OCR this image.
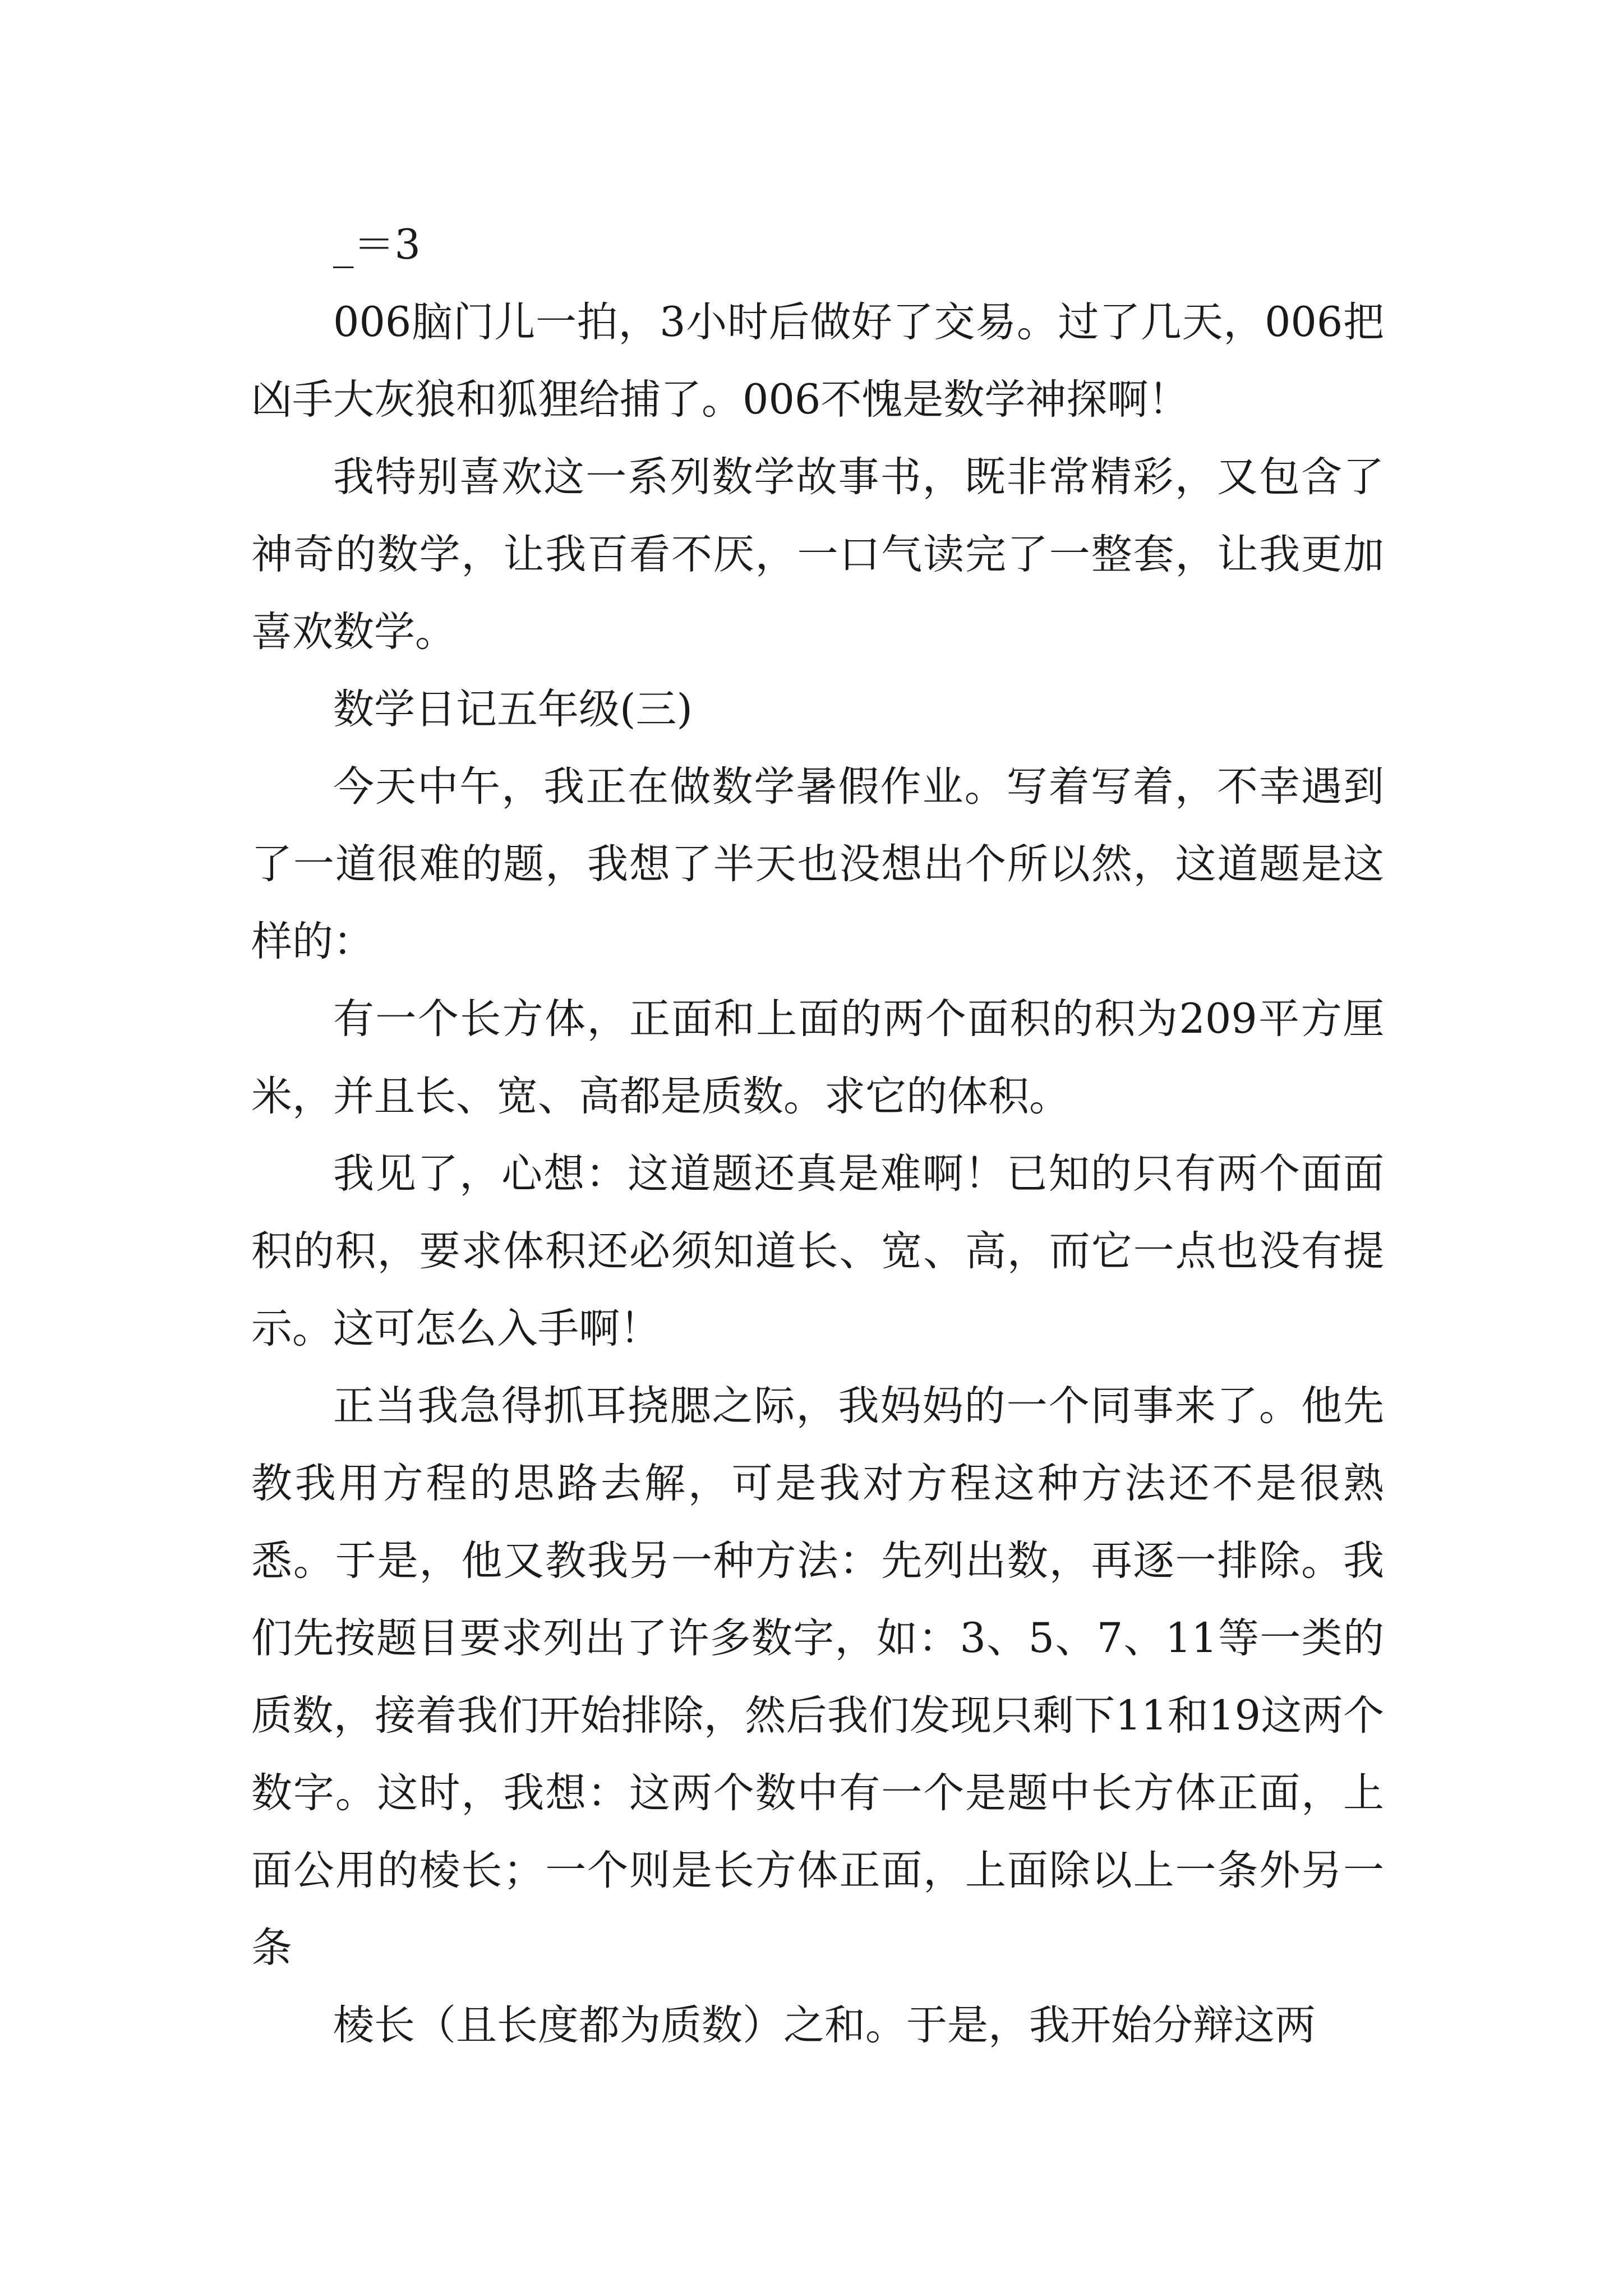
_＝3

006脑门儿一拍，3小时后做好了交易。过了几天，006把凶手大灰狼和狐狸给捕了。006不愧是数学神探啊！

我特别喜欢这一系列数学故事书，既非常精彩，又包含了神奇的数学，让我百看不厌，一口气读完了一整套，让我更加喜欢数学。

数学日记五年级(三)

今天中午，我正在做数学暑假作业。写着写着，不幸遇到了一道很难的题，我想了半天也没想出个所以然，这道题是这样的：

有一个长方体，正面和上面的两个面积的积为209平方厘米，并且长、宽、高都是质数。求它的体积。

我见了，心想：这道题还真是难啊！已知的只有两个面面积的积，要求体积还必须知道长、宽、高，而它一点也没有提示。这可怎么入手啊！

正当我急得抓耳挠腮之际，我妈妈的一个同事来了。他先教我用方程的思路去解，可是我对方程这种方法还不是很熟悉。于是，他又教我另一种方法：先列出数，再逐一排除。我们先按题目要求列出了许多数字，如：3、5、7、11等一类的质数，接着我们开始排除，然后我们发现只剩下11和19这两个数字。这时，我想：这两个数中有一个是题中长方体正面，上面公用的棱长；一个则是长方体正面，上面除以上一条外另一条

棱长（且长度都为质数）之和。于是，我开始分辩这两
